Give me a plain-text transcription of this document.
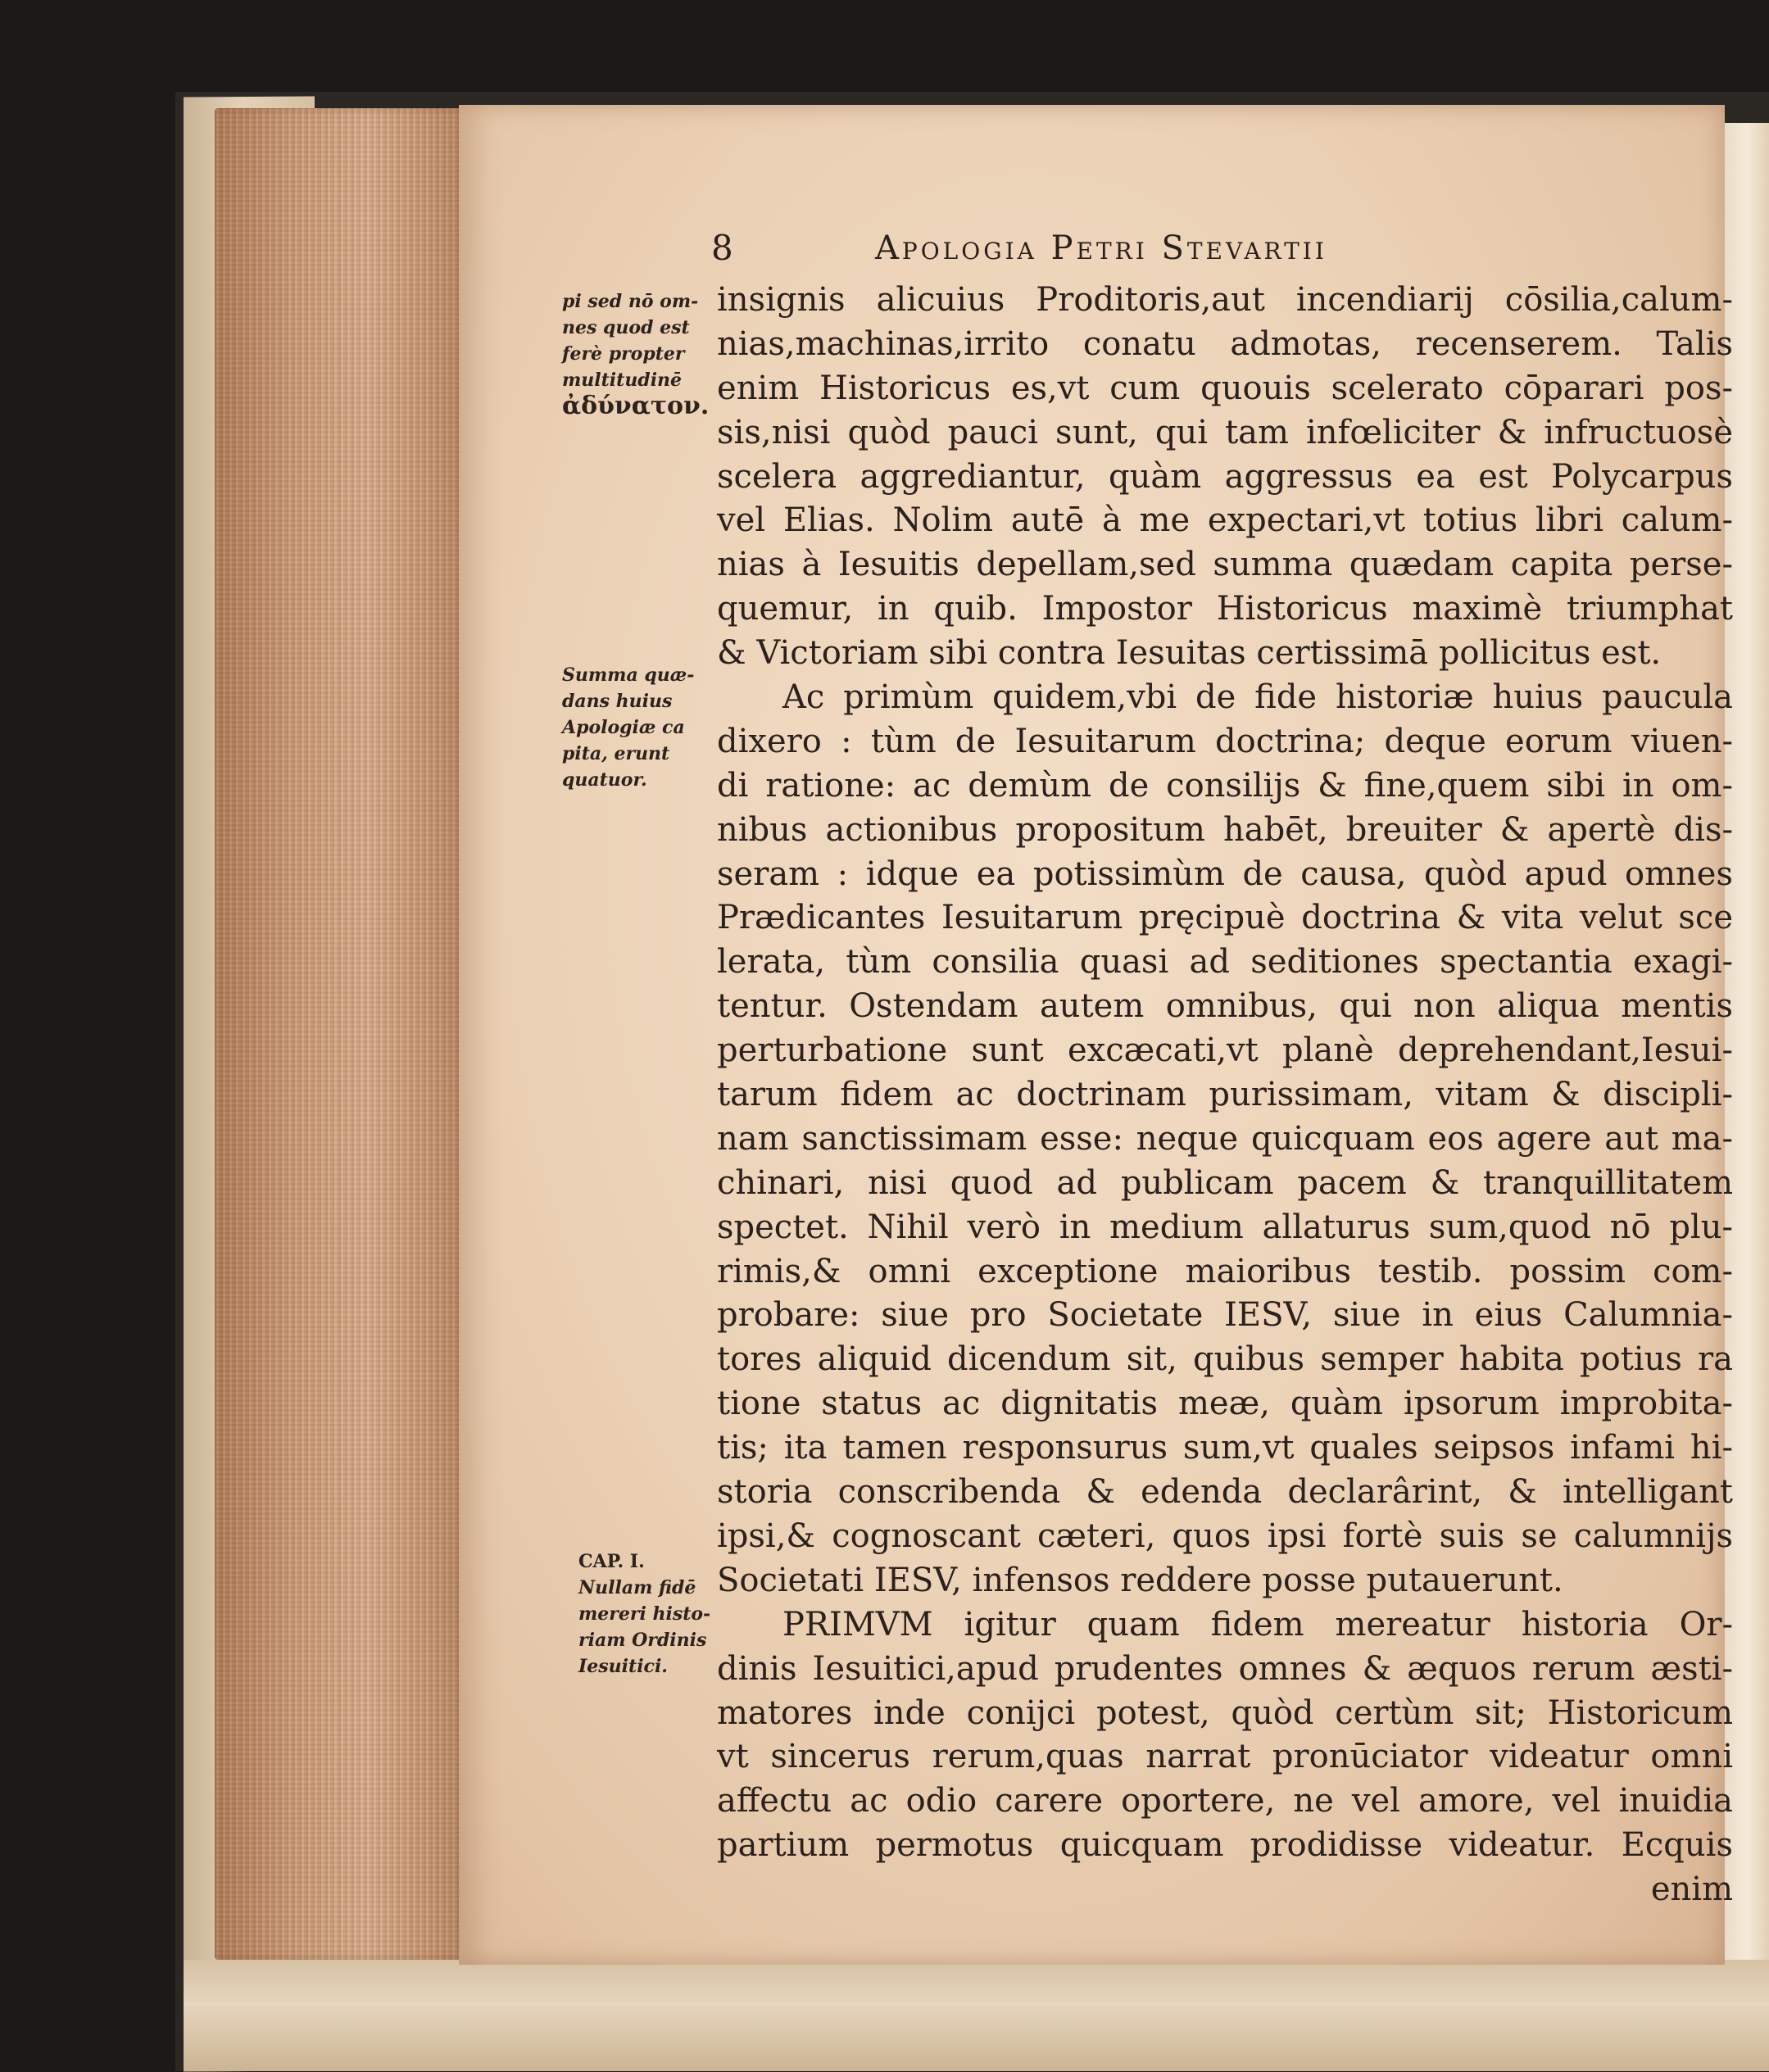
8	Apologia Petri Stevartii
pi sed nō om-
nes quod est
ferè propter
multitudinē
ἀδύνατον.
Summa quæ-
dans huius
Apologiæ ca
pita, erunt
quatuor.
CAP. I.
Nullam fidē
mereri histo-
riam Ordinis
Iesuitici.
insignis alicuius Proditoris,aut incendiarij cōsilia,calum-
nias,machinas,irrito conatu admotas, recenserem. Talis
enim Historicus es,vt cum quouis scelerato cōparari pos-
sis,nisi quòd pauci sunt, qui tam infœliciter & infructuosè
scelera aggrediantur, quàm aggressus ea est Polycarpus
vel Elias. Nolim autē à me expectari,vt totius libri calum-
nias à Iesuitis depellam,sed summa quædam capita perse-
quemur, in quib. Impostor Historicus maximè triumphat
& Victoriam sibi contra Iesuitas certissimā pollicitus est.
Ac primùm quidem,vbi de fide historiæ huius paucula
dixero : tùm de Iesuitarum doctrina; deque eorum viuen-
di ratione: ac demùm de consilijs & fine,quem sibi in om-
nibus actionibus propositum habēt, breuiter & apertè dis-
seram : idque ea potissimùm de causa, quòd apud omnes
Prædicantes Iesuitarum pręcipuè doctrina & vita velut sce
lerata, tùm consilia quasi ad seditiones spectantia exagi-
tentur. Ostendam autem omnibus, qui non aliqua mentis
perturbatione sunt excæcati,vt planè deprehendant,Iesui-
tarum fidem ac doctrinam purissimam, vitam & discipli-
nam sanctissimam esse: neque quicquam eos agere aut ma-
chinari, nisi quod ad publicam pacem & tranquillitatem
spectet. Nihil verò in medium allaturus sum,quod nō plu-
rimis,& omni exceptione maioribus testib. possim com-
probare: siue pro Societate IESV, siue in eius Calumnia-
tores aliquid dicendum sit, quibus semper habita potius ra
tione status ac dignitatis meæ, quàm ipsorum improbita-
tis; ita tamen responsurus sum,vt quales seipsos infami hi-
storia conscribenda & edenda declarârint, & intelligant
ipsi,& cognoscant cæteri, quos ipsi fortè suis se calumnijs
Societati IESV, infensos reddere posse putauerunt.
PRIMVM igitur quam fidem mereatur historia Or-
dinis Iesuitici,apud prudentes omnes & æquos rerum æsti-
matores inde conijci potest, quòd certùm sit; Historicum
vt sincerus rerum,quas narrat pronūciator videatur omni
affectu ac odio carere oportere, ne vel amore, vel inuidia
partium permotus quicquam prodidisse videatur. Ecquis
enim
